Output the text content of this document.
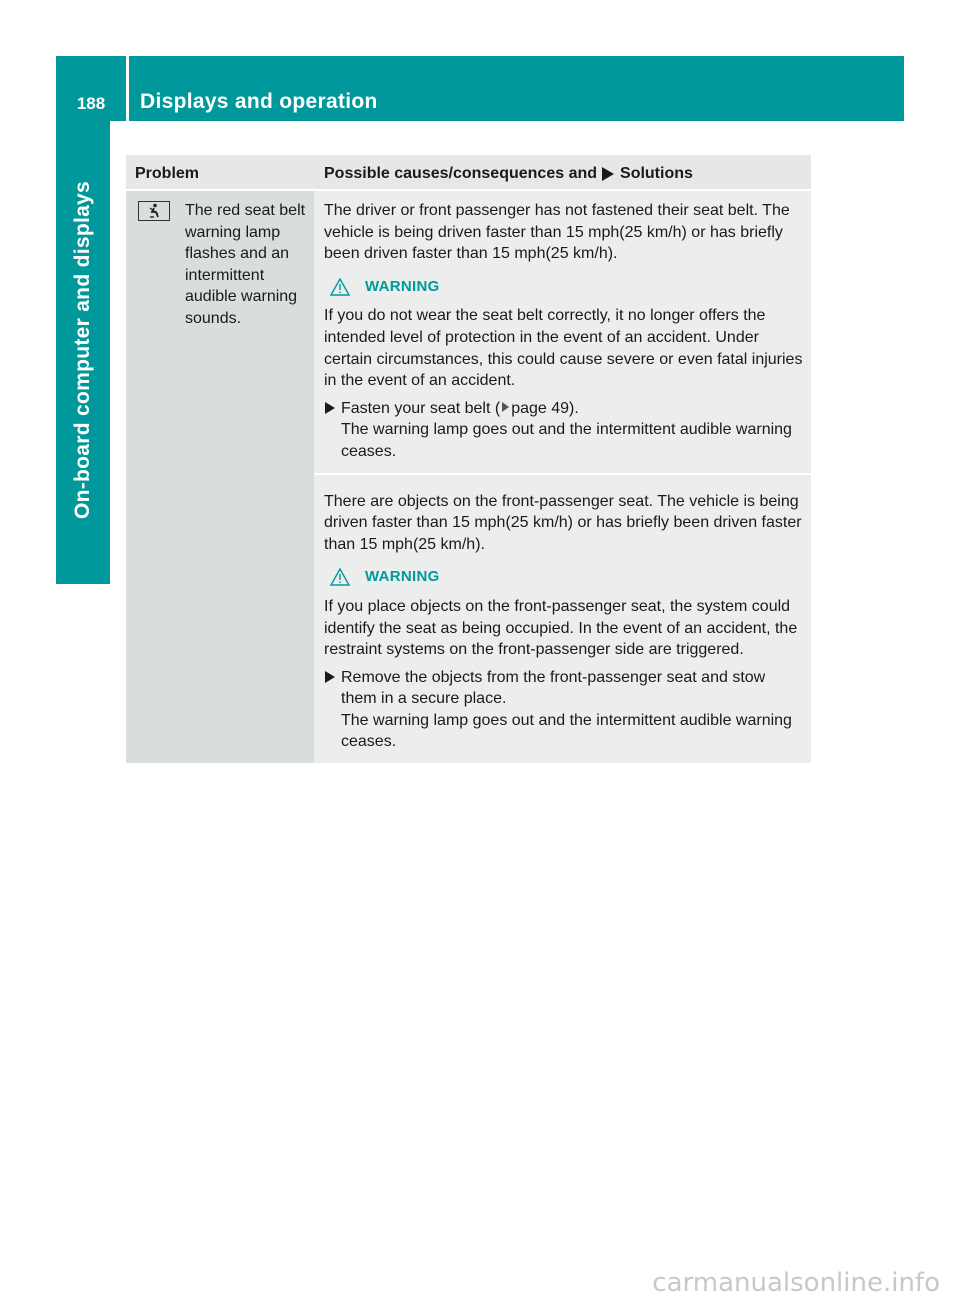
188	Displays and operation
On-board computer and displays
Problem	Possible causes/consequences and Solutions
The red seat belt warning lamp flashes and an intermittent audible warning sounds.

The driver or front passenger has not fastened their seat belt. The vehicle is being driven faster than 15 mph(25 km/h) or has briefly been driven faster than 15 mph(25 km/h).

WARNING

If you do not wear the seat belt correctly, it no longer offers the intended level of protection in the event of an accident. Under certain circumstances, this could cause severe or even fatal injuries in the event of an accident.

Fasten your seat belt ( page 49).
The warning lamp goes out and the intermittent audible warning ceases.

There are objects on the front-passenger seat. The vehicle is being driven faster than 15 mph(25 km/h) or has briefly been driven faster than 15 mph(25 km/h).

WARNING

If you place objects on the front-passenger seat, the system could identify the seat as being occupied. In the event of an accident, the restraint systems on the front-passenger side are triggered.

Remove the objects from the front-passenger seat and stow them in a secure place.
The warning lamp goes out and the intermittent audible warning ceases.
carmanualsonline.info
